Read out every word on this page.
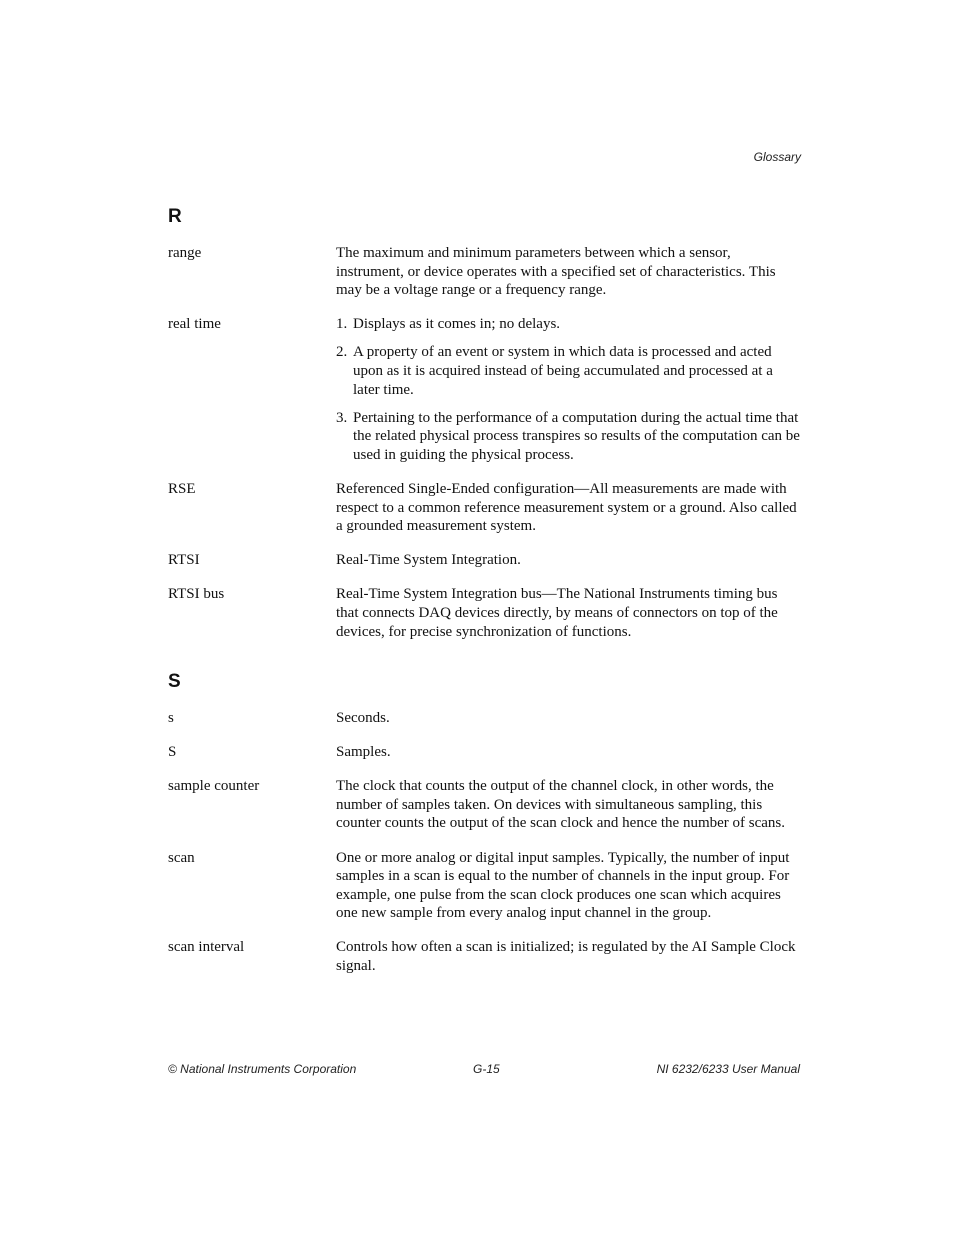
Glossary
R
range	The maximum and minimum parameters between which a sensor, instrument, or device operates with a specified set of characteristics. This may be a voltage range or a frequency range.
real time	1. Displays as it comes in; no delays.
2. A property of an event or system in which data is processed and acted upon as it is acquired instead of being accumulated and processed at a later time.
3. Pertaining to the performance of a computation during the actual time that the related physical process transpires so results of the computation can be used in guiding the physical process.
RSE	Referenced Single-Ended configuration—All measurements are made with respect to a common reference measurement system or a ground. Also called a grounded measurement system.
RTSI	Real-Time System Integration.
RTSI bus	Real-Time System Integration bus—The National Instruments timing bus that connects DAQ devices directly, by means of connectors on top of the devices, for precise synchronization of functions.
S
s	Seconds.
S	Samples.
sample counter	The clock that counts the output of the channel clock, in other words, the number of samples taken. On devices with simultaneous sampling, this counter counts the output of the scan clock and hence the number of scans.
scan	One or more analog or digital input samples. Typically, the number of input samples in a scan is equal to the number of channels in the input group. For example, one pulse from the scan clock produces one scan which acquires one new sample from every analog input channel in the group.
scan interval	Controls how often a scan is initialized; is regulated by the AI Sample Clock signal.
© National Instruments Corporation	G-15	NI 6232/6233 User Manual
